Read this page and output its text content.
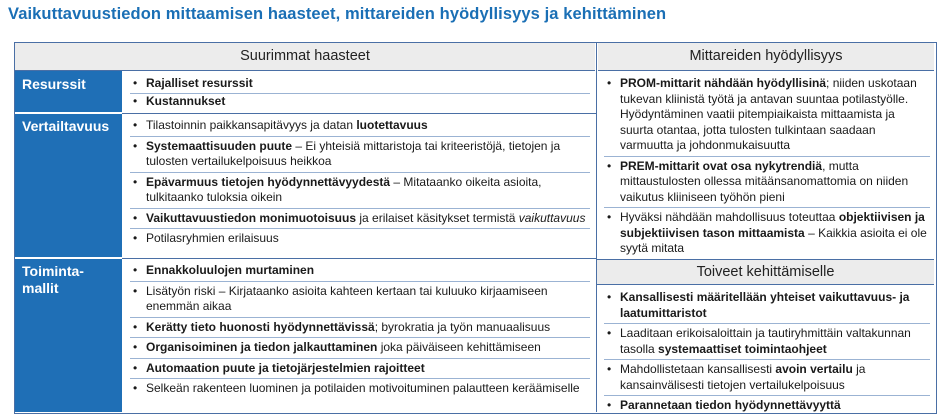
Vaikuttavuustiedon mittaamisen haasteet, mittareiden hyödyllisyys ja kehittäminen
Suurimmat haasteet	Mittareiden hyödyllisyys
Resurssit
Vertailtavuus
Toiminta-
mallit
• Rajalliset resurssit
• Kustannukset
• Tilastoinnin paikkansapitävyys ja datan luotettavuus
• Systemaattisuuden puute – Ei yhteisiä mittaristoja tai kriteeristöjä, tietojen ja tulosten vertailukelpoisuus heikkoa
• Epävarmuus tietojen hyödynnettävyydestä – Mitataanko oikeita asioita, tulkitaanko tuloksia oikein
• Vaikuttavuustiedon monimuotoisuus ja erilaiset käsitykset termistä vaikuttavuus
• Potilasryhmien erilaisuus
• Ennakkoluulojen murtaminen
• Lisätyön riski – Kirjataanko asioita kahteen kertaan tai kuluuko kirjaamiseen enemmän aikaa
• Kerätty tieto huonosti hyödynnettävissä; byrokratia ja työn manuaalisuus
• Organisoiminen ja tiedon jalkauttaminen joka päiväiseen kehittämiseen
• Automaation puute ja tietojärjestelmien rajoitteet
• Selkeän rakenteen luominen ja potilaiden motivoituminen palautteen keräämiselle
• PROM-mittarit nähdään hyödyllisinä; niiden uskotaan tukevan kliinistä työtä ja antavan suuntaa potilastyölle. Hyödyntäminen vaatii pitempiaikaista mittaamista ja suurta otantaa, jotta tulosten tulkintaan saadaan varmuutta ja johdonmukaisuutta
• PREM-mittarit ovat osa nykytrendiä, mutta mittaustulosten ollessa mitäänsanomattomia on niiden vaikutus kliiniseen työhön pieni
• Hyväksi nähdään mahdollisuus toteuttaa objektiivisen ja subjektiivisen tason mittaamista – Kaikkia asioita ei ole syytä mitata
Toiveet kehittämiselle
• Kansallisesti määritellään yhteiset vaikuttavuus- ja laatumittaristot
• Laaditaan erikoisaloittain ja tautiryhmittäin valtakunnan tasolla systemaattiset toimintaohjeet
• Mahdollistetaan kansallisesti avoin vertailu ja kansainvälisesti tietojen vertailukelpoisuus
• Parannetaan tiedon hyödynnettävyyttä
